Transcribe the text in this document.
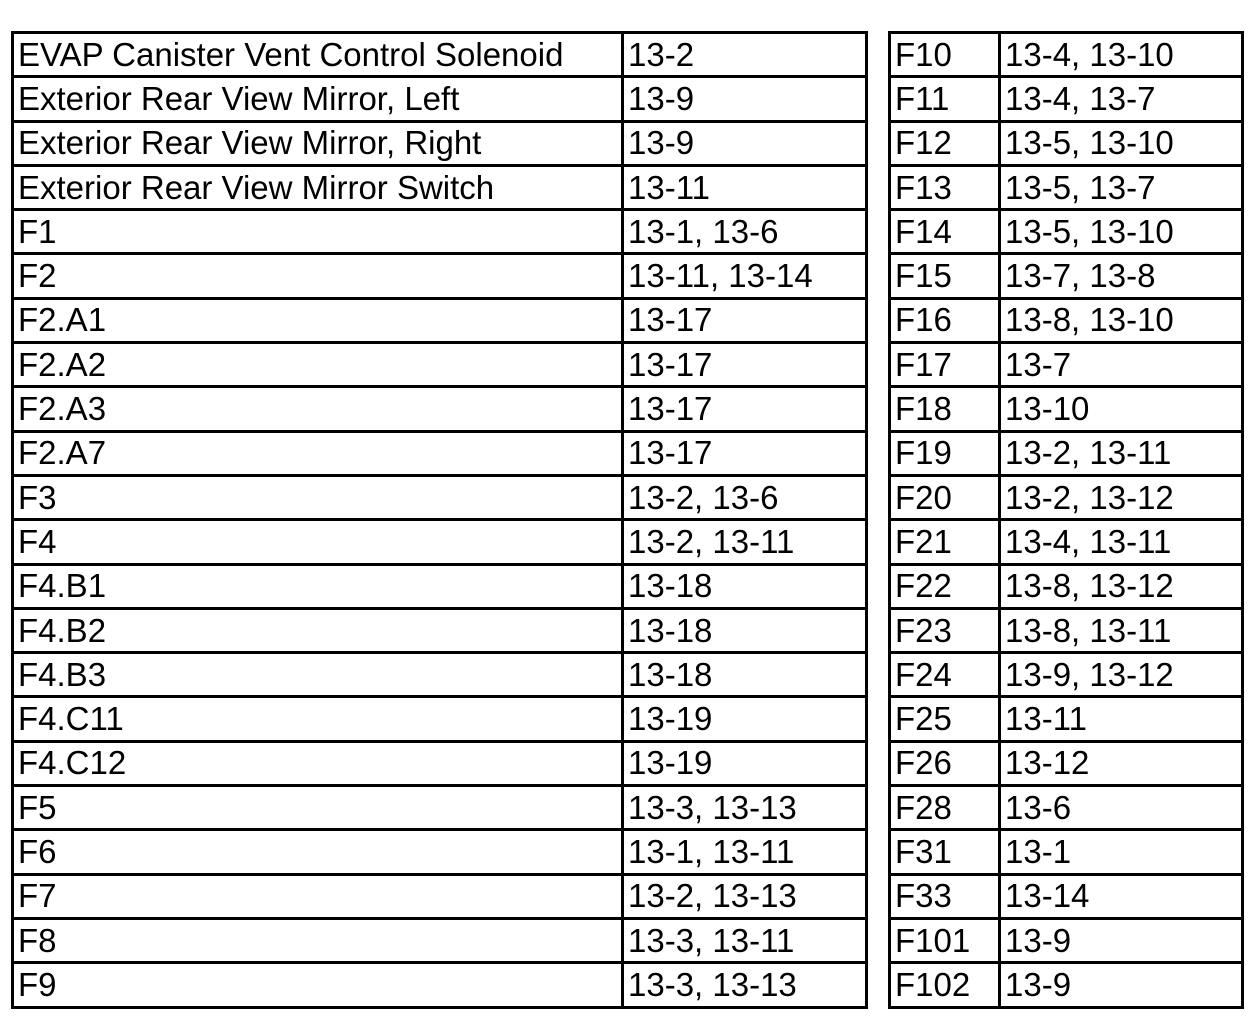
EVAP Canister Vent Control Solenoid	13-2
Exterior Rear View Mirror, Left	13-9
Exterior Rear View Mirror, Right	13-9
Exterior Rear View Mirror Switch	13-11
F1	13-1, 13-6
F2	13-11, 13-14
F2.A1	13-17
F2.A2	13-17
F2.A3	13-17
F2.A7	13-17
F3	13-2, 13-6
F4	13-2, 13-11
F4.B1	13-18
F4.B2	13-18
F4.B3	13-18
F4.C11	13-19
F4.C12	13-19
F5	13-3, 13-13
F6	13-1, 13-11
F7	13-2, 13-13
F8	13-3, 13-11
F9	13-3, 13-13
F10	13-4, 13-10
F11	13-4, 13-7
F12	13-5, 13-10
F13	13-5, 13-7
F14	13-5, 13-10
F15	13-7, 13-8
F16	13-8, 13-10
F17	13-7
F18	13-10
F19	13-2, 13-11
F20	13-2, 13-12
F21	13-4, 13-11
F22	13-8, 13-12
F23	13-8, 13-11
F24	13-9, 13-12
F25	13-11
F26	13-12
F28	13-6
F31	13-1
F33	13-14
F101	13-9
F102	13-9
